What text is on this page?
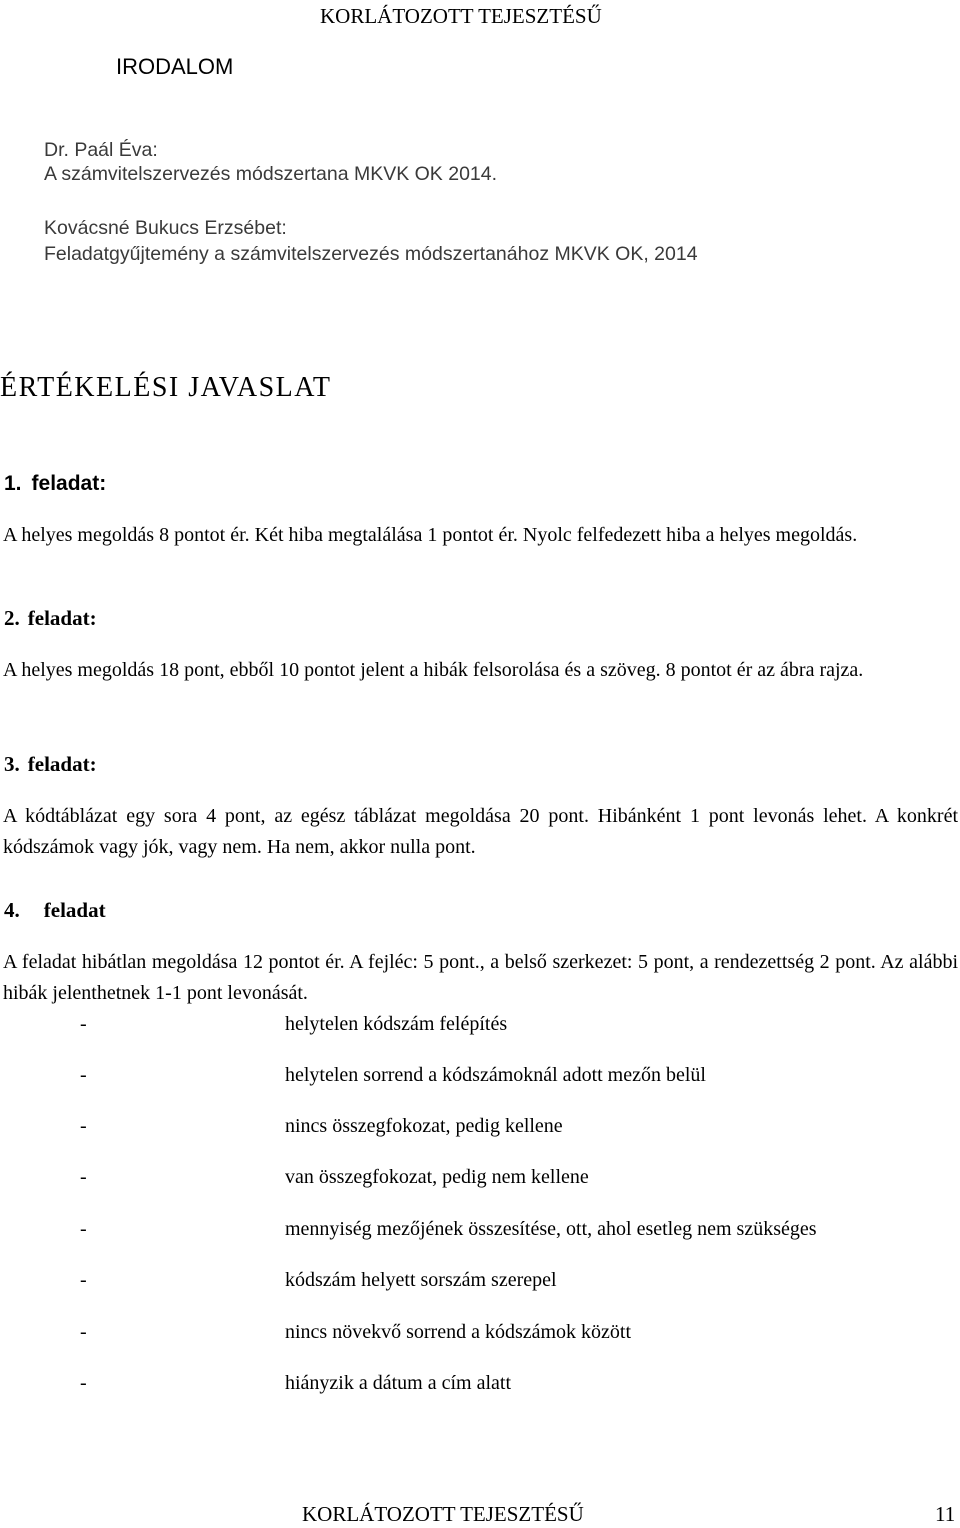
KORLÁTOZOTT TEJESZTÉSŰ
IRODALOM
Dr. Paál Éva:
A számvitelszervezés módszertana MKVK OK 2014.
Kovácsné Bukucs Erzsébet:
Feladatgyűjtemény a számvitelszervezés módszertanához MKVK OK, 2014
ÉRTÉKELÉSI JAVASLAT
1. feladat:
A helyes megoldás 8 pontot ér. Két hiba megtalálása 1 pontot ér. Nyolc felfedezett hiba a helyes megoldás.
2. feladat:
A helyes megoldás 18 pont, ebből 10 pontot jelent a hibák felsorolása és a szöveg. 8 pontot ér az ábra rajza.
3. feladat:
A kódtáblázat egy sora 4 pont, az egész táblázat megoldása 20 pont. Hibánként 1 pont levonás lehet. A konkrét kódszámok vagy jók, vagy nem. Ha nem, akkor nulla pont.
4. feladat
A feladat hibátlan megoldása 12 pontot ér. A fejléc: 5 pont., a belső szerkezet: 5 pont, a rendezettség 2 pont. Az alábbi hibák jelenthetnek 1-1 pont levonását.
-	helytelen kódszám felépítés
-	helytelen sorrend a kódszámoknál adott mezőn belül
-	nincs összegfokozat, pedig kellene
-	van összegfokozat, pedig nem kellene
-	mennyiség mezőjének összesítése, ott, ahol esetleg nem szükséges
-	kódszám helyett sorszám szerepel
-	nincs növekvő sorrend a kódszámok között
-	hiányzik a dátum a cím alatt
KORLÁTOZOTT TEJESZTÉSŰ	11
